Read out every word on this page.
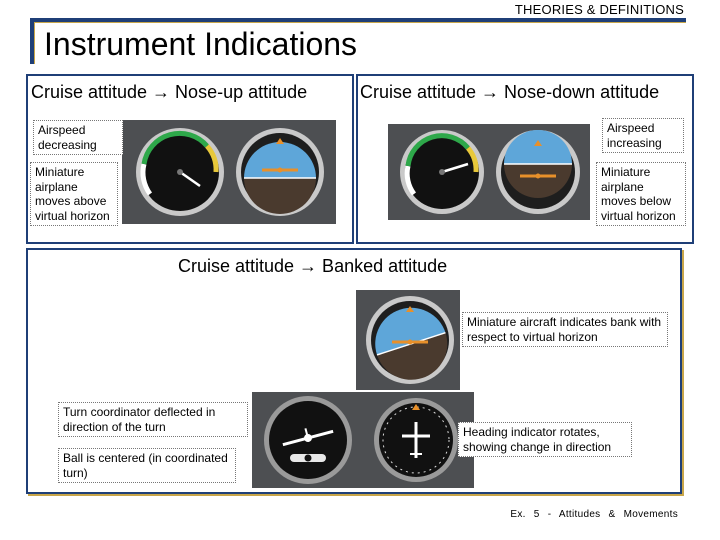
THEORIES & DEFINITIONS
Instrument Indications
Cruise attitude → Nose-up attitude
Airspeed decreasing
Miniature airplane moves above virtual horizon
Cruise attitude → Nose-down attitude
Airspeed increasing
Miniature airplane moves below virtual horizon
Cruise attitude → Banked attitude
Miniature aircraft indicates bank with respect to virtual horizon
Turn coordinator deflected in direction of the turn
Ball is centered (in coordinated turn)
Heading indicator rotates, showing change in direction
Ex. 5 - Attitudes & Movements
